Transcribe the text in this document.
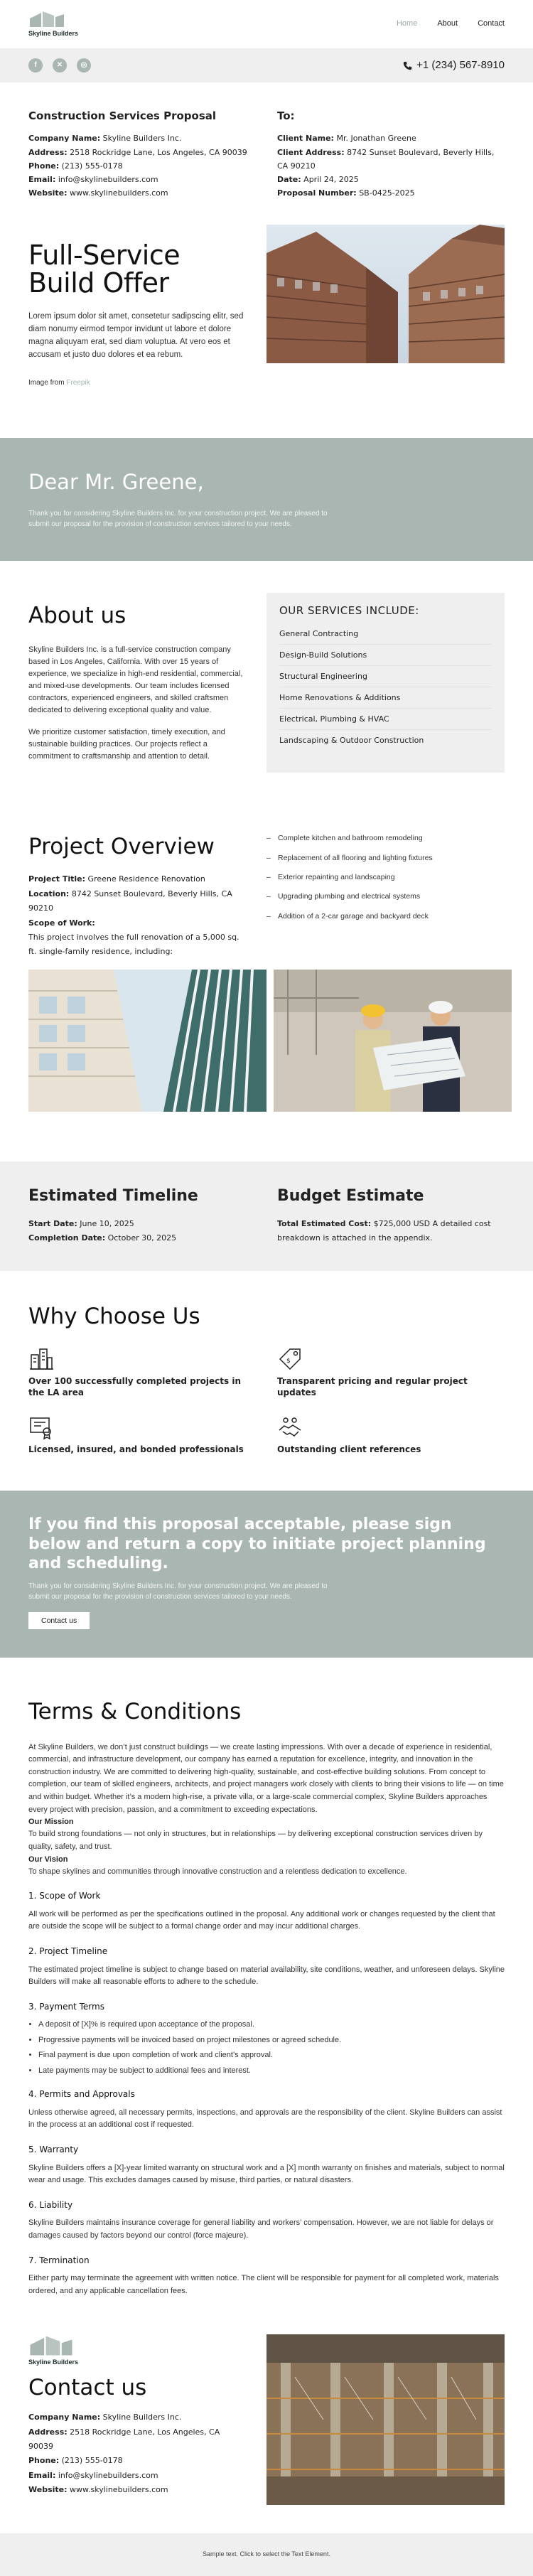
Skyline Builders
Home	About	Contact
f	✕	◎	+1 (234) 567-8910
Construction Services Proposal
Company Name: Skyline Builders Inc.
Address: 2518 Rockridge Lane, Los Angeles, CA 90039
Phone: (213) 555-0178
Email: info@skylinebuilders.com
Website: www.skylinebuilders.com
To:
Client Name: Mr. Jonathan Greene
Client Address: 8742 Sunset Boulevard, Beverly Hills, CA 90210
Date: April 24, 2025
Proposal Number: SB-0425-2025
Full-Service
Build Offer

Lorem ipsum dolor sit amet, consetetur sadipscing elitr, sed diam nonumy eirmod tempor invidunt ut labore et dolore magna aliquyam erat, sed diam voluptua. At vero eos et accusam et justo duo dolores et ea rebum.

Image from Freepik
Dear Mr. Greene,

Thank you for considering Skyline Builders Inc. for your construction project. We are pleased to submit our proposal for the provision of construction services tailored to your needs.

About us

Skyline Builders Inc. is a full-service construction company based in Los Angeles, California. With over 15 years of experience, we specialize in high-end residential, commercial, and mixed-use developments. Our team includes licensed contractors, experienced engineers, and skilled craftsmen dedicated to delivering exceptional quality and value.

We prioritize customer satisfaction, timely execution, and sustainable building practices. Our projects reflect a commitment to craftsmanship and attention to detail.

OUR SERVICES INCLUDE:
General Contracting
Design-Build Solutions
Structural Engineering
Home Renovations & Additions
Electrical, Plumbing & HVAC
Landscaping & Outdoor Construction
Project Overview
Project Title: Greene Residence Renovation
Location: 8742 Sunset Boulevard, Beverly Hills, CA 90210
Scope of Work:
This project involves the full renovation of a 5,000 sq. ft. single-family residence, including:
– Complete kitchen and bathroom remodeling
– Replacement of all flooring and lighting fixtures
– Exterior repainting and landscaping
– Upgrading plumbing and electrical systems
– Addition of a 2-car garage and backyard deck
Estimated Timeline
Start Date: June 10, 2025
Completion Date: October 30, 2025
Budget Estimate
Total Estimated Cost: $725,000 USD A detailed cost breakdown is attached in the appendix.
Why Choose Us
Over 100 successfully completed projects in the LA area
$
Transparent pricing and regular project updates
Licensed, insured, and bonded professionals	Outstanding client references
If you find this proposal acceptable, please sign below and return a copy to initiate project planning and scheduling.

Thank you for considering Skyline Builders Inc. for your construction project. We are pleased to submit our proposal for the provision of construction services tailored to your needs.

Contact us
Terms & Conditions

At Skyline Builders, we don’t just construct buildings — we create lasting impressions. With over a decade of experience in residential, commercial, and infrastructure development, our company has earned a reputation for excellence, integrity, and innovation in the construction industry. We are committed to delivering high-quality, sustainable, and cost-effective building solutions. From concept to completion, our team of skilled engineers, architects, and project managers work closely with clients to bring their visions to life — on time and within budget. Whether it’s a modern high-rise, a private villa, or a large-scale commercial complex, Skyline Builders approaches every project with precision, passion, and a commitment to exceeding expectations.

Our Mission

To build strong foundations — not only in structures, but in relationships — by delivering exceptional construction services driven by quality, safety, and trust.

Our Vision

To shape skylines and communities through innovative construction and a relentless dedication to excellence.

1. Scope of Work

All work will be performed as per the specifications outlined in the proposal. Any additional work or changes requested by the client that are outside the scope will be subject to a formal change order and may incur additional charges.

2. Project Timeline

The estimated project timeline is subject to change based on material availability, site conditions, weather, and unforeseen delays. Skyline Builders will make all reasonable efforts to adhere to the schedule.

3. Payment Terms
• A deposit of [X]% is required upon acceptance of the proposal.
• Progressive payments will be invoiced based on project milestones or agreed schedule.
• Final payment is due upon completion of work and client’s approval.
• Late payments may be subject to additional fees and interest.
4. Permits and Approvals

Unless otherwise agreed, all necessary permits, inspections, and approvals are the responsibility of the client. Skyline Builders can assist in the process at an additional cost if requested.

5. Warranty

Skyline Builders offers a [X]-year limited warranty on structural work and a [X] month warranty on finishes and materials, subject to normal wear and usage. This excludes damages caused by misuse, third parties, or natural disasters.

6. Liability

Skyline Builders maintains insurance coverage for general liability and workers’ compensation. However, we are not liable for delays or damages caused by factors beyond our control (force majeure).

7. Termination

Either party may terminate the agreement with written notice. The client will be responsible for payment for all completed work, materials ordered, and any applicable cancellation fees.

Skyline Builders
Contact us
Company Name: Skyline Builders Inc.
Address: 2518 Rockridge Lane, Los Angeles, CA 90039
Phone: (213) 555-0178
Email: info@skylinebuilders.com
Website: www.skylinebuilders.com
Sample text. Click to select the Text Element.
